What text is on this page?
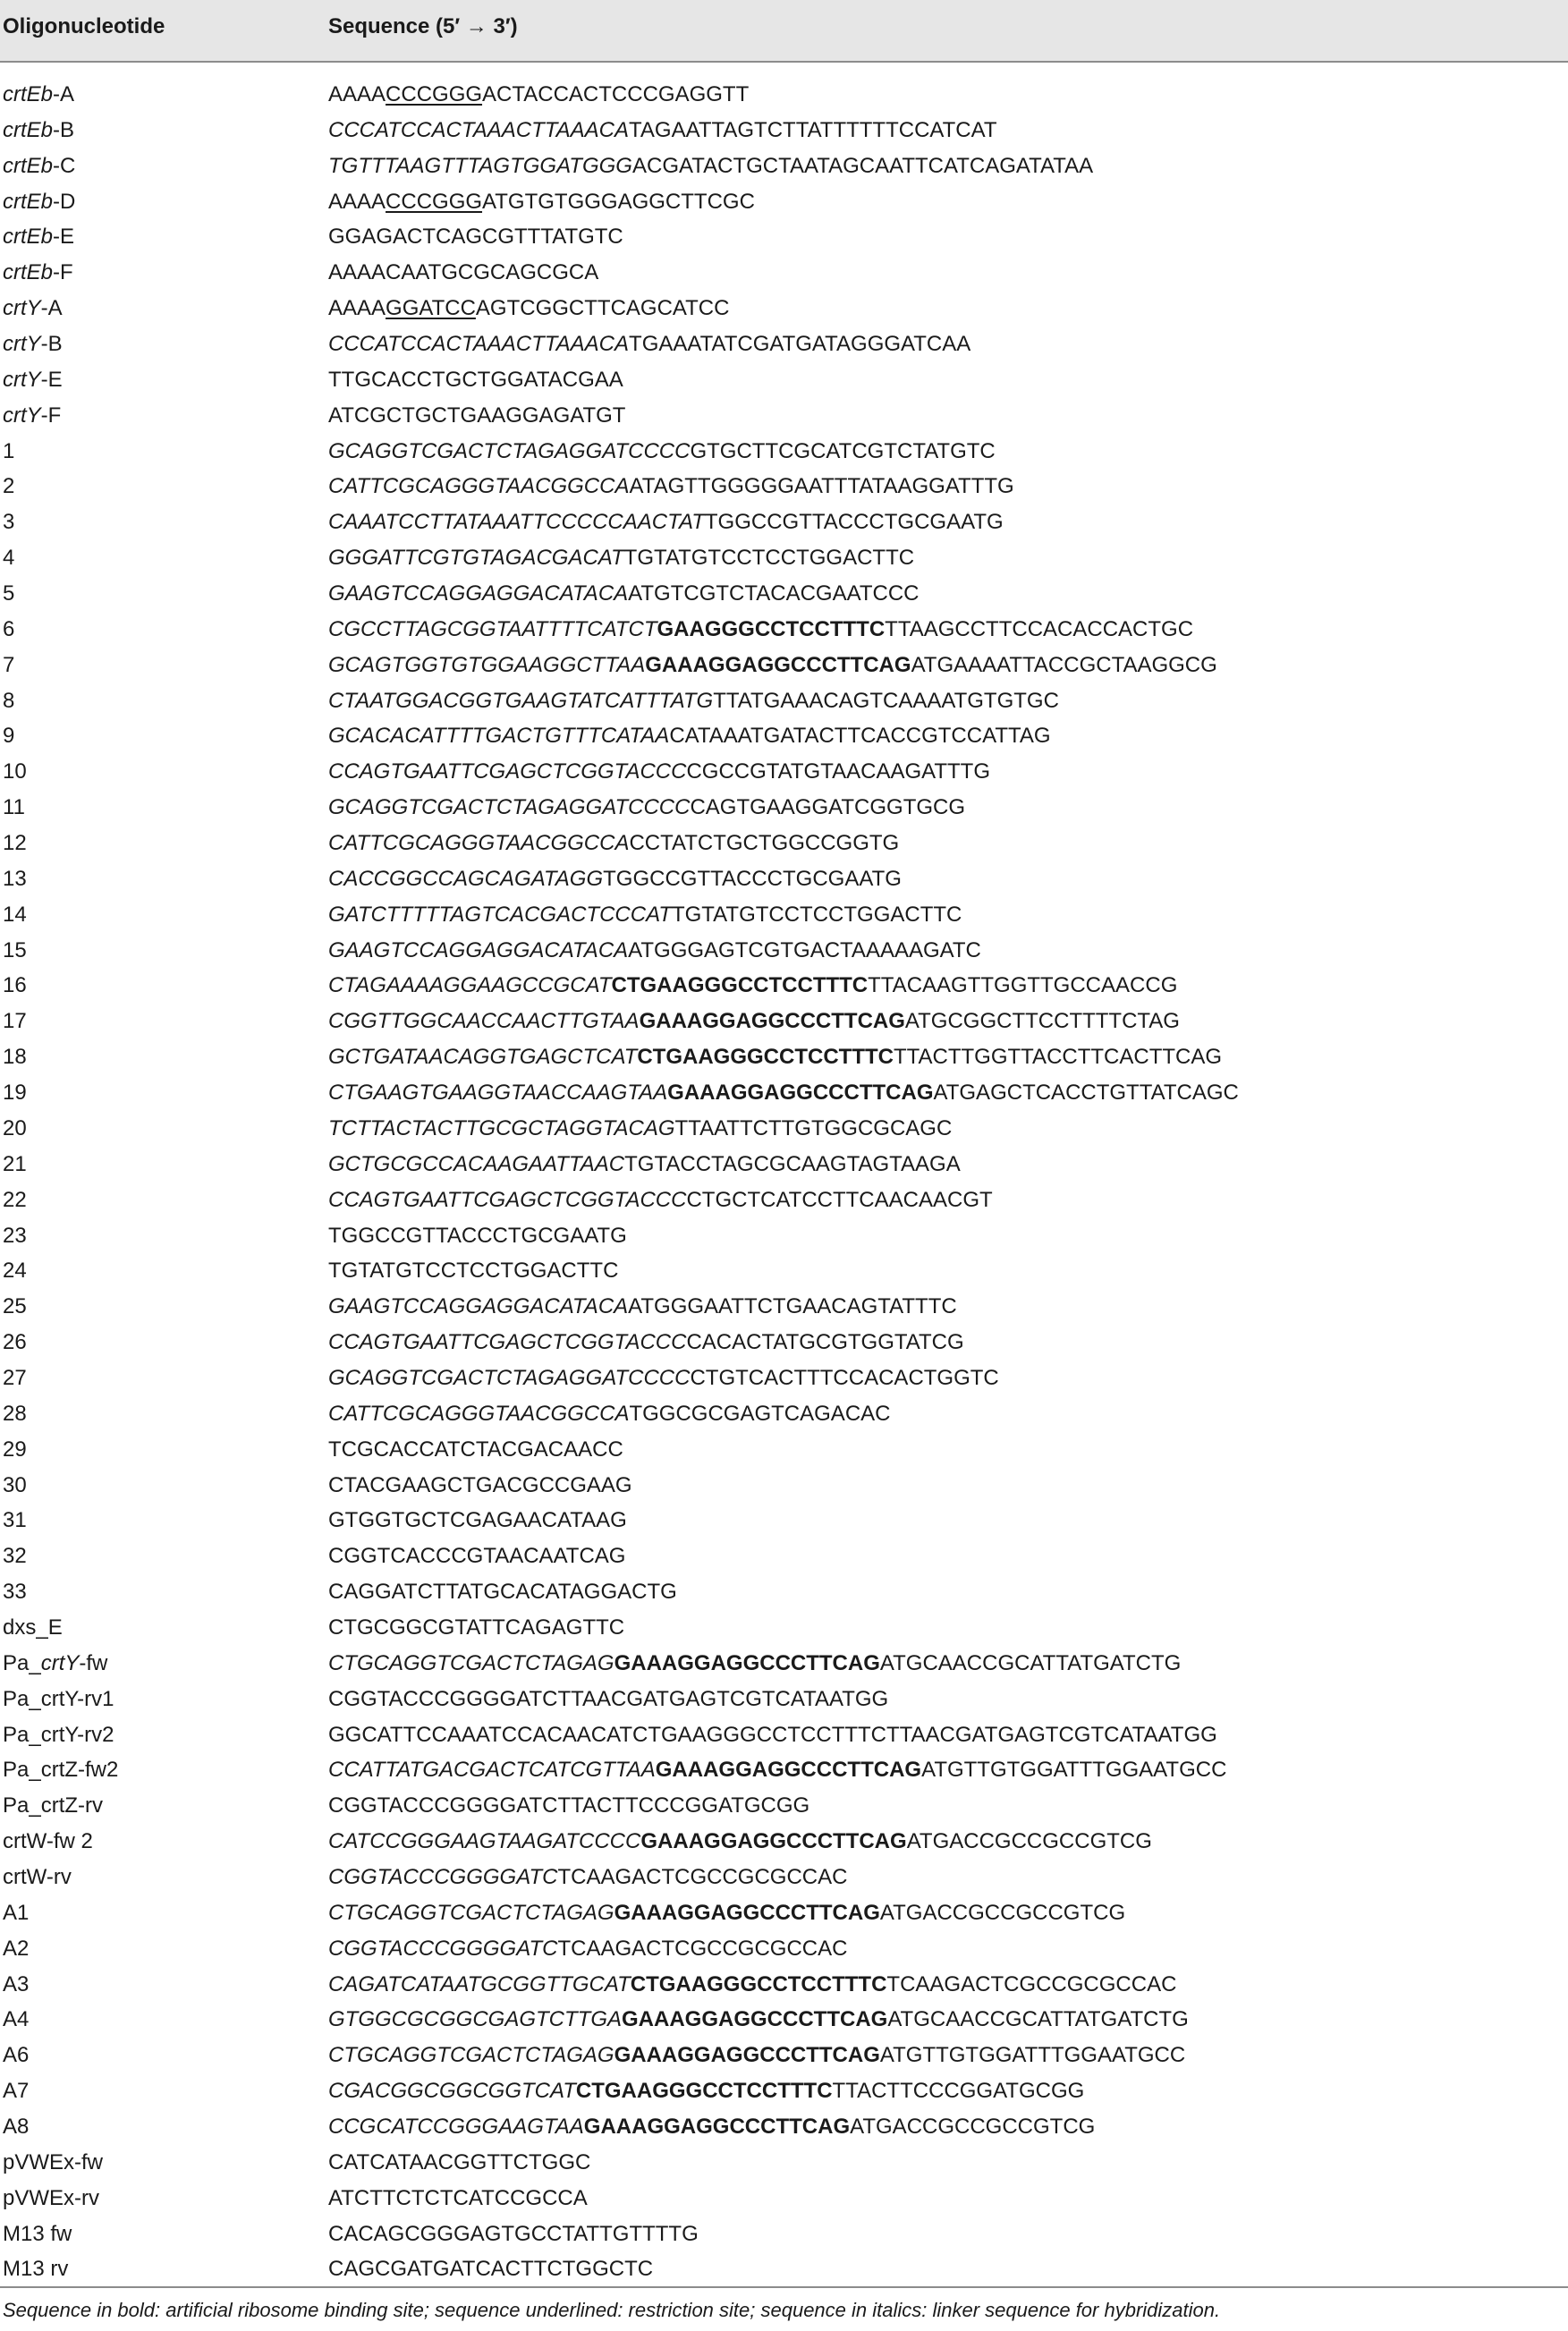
Oligonucleotide	Sequence (5′ → 3′)
crtEb-A	AAAACCCGGGACTACCACTCCCGAGGTT
crtEb-B	CCCATCCACTAAACTTAAACATAGAATTAGTCTTATTTTTTCCATCAT
crtEb-C	TGTTTAAGTTTAGTGGATGGGACGATACTGCTAATAGCAATTCATCAGATATAA
crtEb-D	AAAACCCGGGATGTGTGGGAGGCTTCGC
crtEb-E	GGAGACTCAGCGTTTATGTC
crtEb-F	AAAACAATGCGCAGCGCA
crtY-A	AAAAGGATCCAGTCGGCTTCAGCATCC
crtY-B	CCCATCCACTAAACTTAAACATGAAATATCGATGATAGGGATCAA
crtY-E	TTGCACCTGCTGGATACGAA
crtY-F	ATCGCTGCTGAAGGAGATGT
1	GCAGGTCGACTCTAGAGGATCCCCGTGCTTCGCATCGTCTATGTC
2	CATTCGCAGGGTAACGGCCAATAGTTGGGGGAATTTATAAGGATTTG
3	CAAATCCTTATAAATTCCCCCAACTATTGGCCGTTACCCTGCGAATG
4	GGGATTCGTGTAGACGACATTGTATGTCCTCCTGGACTTC
5	GAAGTCCAGGAGGACATACAATGTCGTCTACACGAATCCC
6	CGCCTTAGCGGTAATTTTCATCTGAAGGGCCTCCTTTCTTAAGCCTTCCACACCACTGC
7	GCAGTGGTGTGGAAGGCTTAAGAAAGGAGGCCCTTCAGATGAAAATTACCGCTAAGGCG
8	CTAATGGACGGTGAAGTATCATTTATGTTATGAAACAGTCAAAATGTGTGC
9	GCACACATTTTGACTGTTTCATAACATAAATGATACTTCACCGTCCATTAG
10	CCAGTGAATTCGAGCTCGGTACCCCGCCGTATGTAACAAGATTTG
11	GCAGGTCGACTCTAGAGGATCCCCCAGTGAAGGATCGGTGCG
12	CATTCGCAGGGTAACGGCCACCTATCTGCTGGCCGGTG
13	CACCGGCCAGCAGATAGGTGGCCGTTACCCTGCGAATG
14	GATCTTTTTAGTCACGACTCCCATTGTATGTCCTCCTGGACTTC
15	GAAGTCCAGGAGGACATACAATGGGAGTCGTGACTAAAAAGATC
16	CTAGAAAAGGAAGCCGCATCTGAAGGGCCTCCTTTCTTACAAGTTGGTTGCCAACCG
17	CGGTTGGCAACCAACTTGTAAGAAAGGAGGCCCTTCAGATGCGGCTTCCTTTTCTAG
18	GCTGATAACAGGTGAGCTCATCTGAAGGGCCTCCTTTCTTACTTGGTTACCTTCACTTCAG
19	CTGAAGTGAAGGTAACCAAGTAAGAAAGGAGGCCCTTCAGATGAGCTCACCTGTTATCAGC
20	TCTTACTACTTGCGCTAGGTACAGTTAATTCTTGTGGCGCAGC
21	GCTGCGCCACAAGAATTAACTGTACCTAGCGCAAGTAGTAAGA
22	CCAGTGAATTCGAGCTCGGTACCCCTGCTCATCCTTCAACAACGT
23	TGGCCGTTACCCTGCGAATG
24	TGTATGTCCTCCTGGACTTC
25	GAAGTCCAGGAGGACATACAATGGGAATTCTGAACAGTATTTC
26	CCAGTGAATTCGAGCTCGGTACCCCACACTATGCGTGGTATCG
27	GCAGGTCGACTCTAGAGGATCCCCCTGTCACTTTCCACACTGGTC
28	CATTCGCAGGGTAACGGCCATGGCGCGAGTCAGACAC
29	TCGCACCATCTACGACAACC
30	CTACGAAGCTGACGCCGAAG
31	GTGGTGCTCGAGAACATAAG
32	CGGTCACCCGTAACAATCAG
33	CAGGATCTTATGCACATAGGACTG
dxs_E	CTGCGGCGTATTCAGAGTTC
Pa_crtY-fw	CTGCAGGTCGACTCTAGAGGAAAGGAGGCCCTTCAGATGCAACCGCATTATGATCTG
Pa_crtY-rv1	CGGTACCCGGGGATCTTAACGATGAGTCGTCATAATGG
Pa_crtY-rv2	GGCATTCCAAATCCACAACATCTGAAGGGCCTCCTTTCTTAACGATGAGTCGTCATAATGG
Pa_crtZ-fw2	CCATTATGACGACTCATCGTTAAGAAAGGAGGCCCTTCAGATGTTGTGGATTTGGAATGCC
Pa_crtZ-rv	CGGTACCCGGGGATCTTACTTCCCGGATGCGG
crtW-fw 2	CATCCGGGAAGTAAGATCCCCGAAAGGAGGCCCTTCAGATGACCGCCGCCGTCG
crtW-rv	CGGTACCCGGGGATCTCAAGACTCGCCGCGCCAC
A1	CTGCAGGTCGACTCTAGAGGAAAGGAGGCCCTTCAGATGACCGCCGCCGTCG
A2	CGGTACCCGGGGATCTCAAGACTCGCCGCGCCAC
A3	CAGATCATAATGCGGTTGCATCTGAAGGGCCTCCTTTCTCAAGACTCGCCGCGCCAC
A4	GTGGCGCGGCGAGTCTTGAGAAAGGAGGCCCTTCAGATGCAACCGCATTATGATCTG
A6	CTGCAGGTCGACTCTAGAGGAAAGGAGGCCCTTCAGATGTTGTGGATTTGGAATGCC
A7	CGACGGCGGCGGTCATCTGAAGGGCCTCCTTTCTTACTTCCCGGATGCGG
A8	CCGCATCCGGGAAGTAAGAAAGGAGGCCCTTCAGATGACCGCCGCCGTCG
pVWEx-fw	CATCATAACGGTTCTGGC
pVWEx-rv	ATCTTCTCTCATCCGCCA
M13 fw	CACAGCGGGAGTGCCTATTGTTTTG
M13 rv	CAGCGATGATCACTTCTGGCTC
Sequence in bold: artificial ribosome binding site; sequence underlined: restriction site; sequence in italics: linker sequence for hybridization.
